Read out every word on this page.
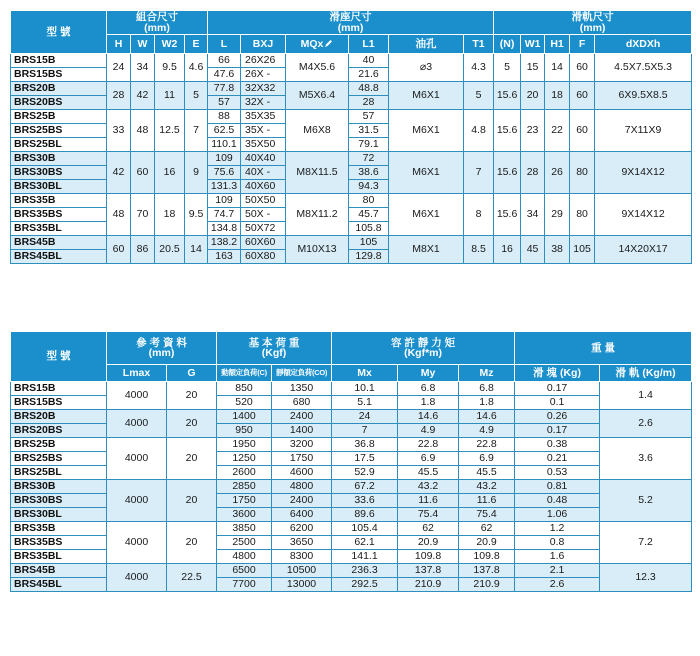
型 號	組合尺寸
(mm)				滑座尺寸
(mm)						滑軌尺寸
(mm)				

	H	W	W2	E	L	BXJ	MQx	L1	油孔	T1	(N)	W1	H1	F	dXDXh
BRS15B	24	34	9.5	4.6	66	26X26	M4X5.6	40	⌀3	4.3	5	15	14	60	4.5X7.5X5.3
BRS15BS					47.6	26X -		21.6							
BRS20B	28	42	11	5	77.8	32X32	M5X6.4	48.8	M6X1	5	15.6	20	18	60	6X9.5X8.5
BRS20BS					57	32X -		28							
BRS25B	33	48	12.5	7	88	35X35	M6X8	57	M6X1	4.8	15.6	23	22	60	7X11X9
BRS25BS					62.5	35X -		31.5							
BRS25BL					110.1	35X50		79.1							
BRS30B	42	60	16	9	109	40X40	M8X11.5	72	M6X1	7	15.6	28	26	80	9X14X12
BRS30BS					75.6	40X -		38.6							
BRS30BL					131.3	40X60		94.3							
BRS35B	48	70	18	9.5	109	50X50	M8X11.2	80	M6X1	8	15.6	34	29	80	9X14X12
BRS35BS					74.7	50X -		45.7							
BRS35BL					134.8	50X72		105.8							
BRS45B	60	86	20.5	14	138.2	60X60	M10X13	105	M8X1	8.5	16	45	38	105	14X20X17
BRS45BL					163	60X80		129.8							
型 號	參 考 資 料
(mm)		基 本 荷 重
(Kgf)		容 許 靜 力 矩
(Kgf*m)			重 量	
	Lmax	G	動額定負荷(C)	靜額定負荷(CO)	Mx	My	Mz	滑 塊 (Kg)	滑 軌 (Kg/m)
BRS15B	4000	20	850	1350	10.1	6.8	6.8	0.17	1.4
BRS15BS			520	680	5.1	1.8	1.8	0.1	
BRS20B	4000	20	1400	2400	24	14.6	14.6	0.26	2.6
BRS20BS			950	1400	7	4.9	4.9	0.17	
BRS25B	4000	20	1950	3200	36.8	22.8	22.8	0.38	3.6
BRS25BS			1250	1750	17.5	6.9	6.9	0.21	
BRS25BL			2600	4600	52.9	45.5	45.5	0.53	
BRS30B	4000	20	2850	4800	67.2	43.2	43.2	0.81	5.2
BRS30BS			1750	2400	33.6	11.6	11.6	0.48	
BRS30BL			3600	6400	89.6	75.4	75.4	1.06	
BRS35B	4000	20	3850	6200	105.4	62	62	1.2	7.2
BRS35BS			2500	3650	62.1	20.9	20.9	0.8	
BRS35BL			4800	8300	141.1	109.8	109.8	1.6	
BRS45B	4000	22.5	6500	10500	236.3	137.8	137.8	2.1	12.3
BRS45BL			7700	13000	292.5	210.9	210.9	2.6	
